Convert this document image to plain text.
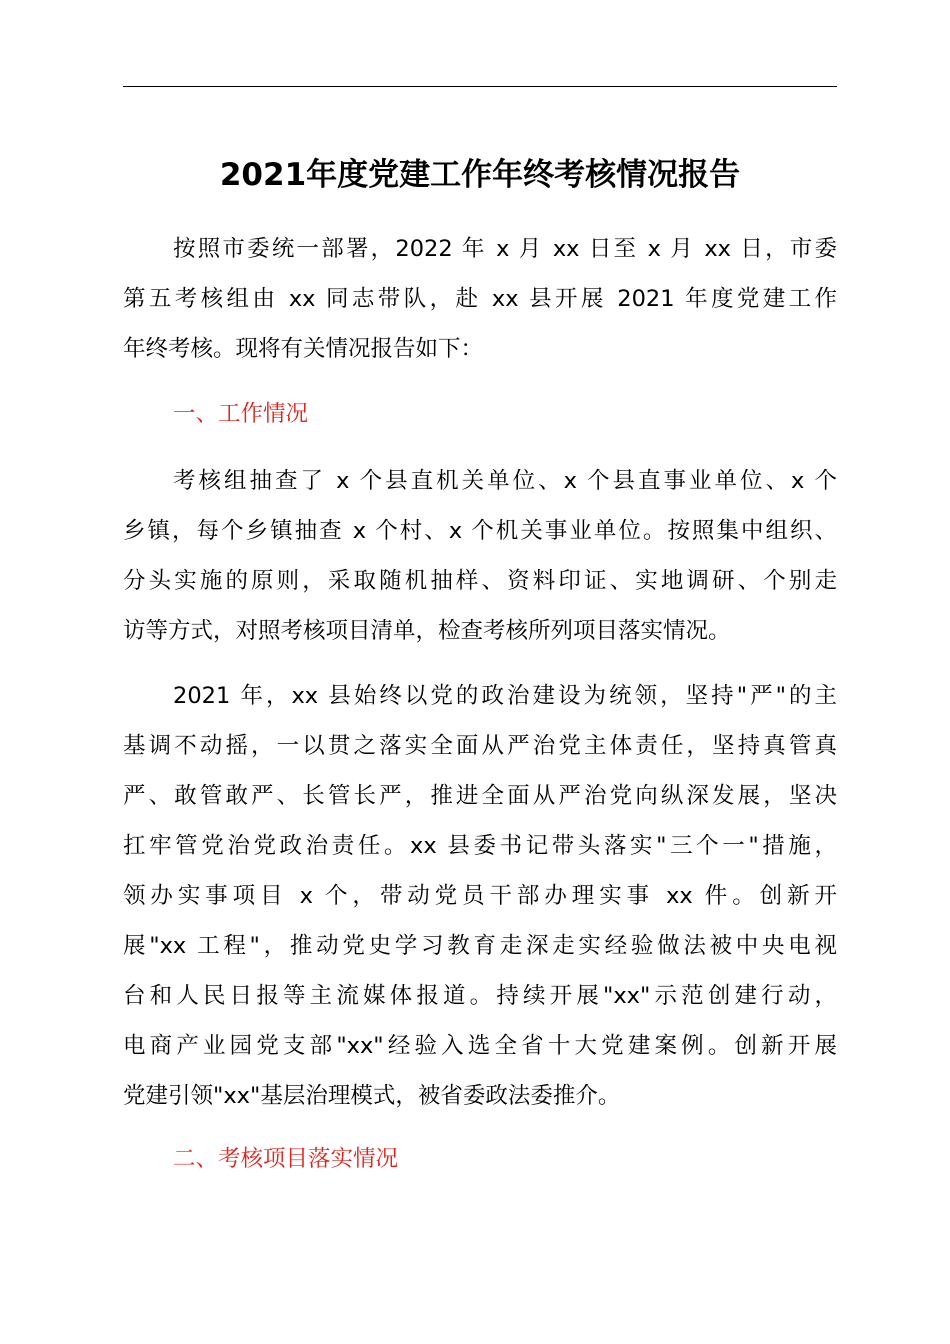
2021年度党建工作年终考核情况报告
按照市委统一部署，2022 年 x 月 xx 日至 x 月 xx 日，市委
第五考核组由 xx 同志带队，赴 xx 县开展 2021 年度党建工作
年终考核。现将有关情况报告如下：
一、工作情况
考核组抽查了 x 个县直机关单位、x 个县直事业单位、x 个
乡镇，每个乡镇抽查 x 个村、x 个机关事业单位。按照集中组织、
分头实施的原则，采取随机抽样、资料印证、实地调研、个别走
访等方式，对照考核项目清单，检查考核所列项目落实情况。
2021 年，xx 县始终以党的政治建设为统领，坚持"严"的主
基调不动摇，一以贯之落实全面从严治党主体责任，坚持真管真
严、敢管敢严、长管长严，推进全面从严治党向纵深发展，坚决
扛牢管党治党政治责任。xx 县委书记带头落实"三个一"措施，
领办实事项目 x 个，带动党员干部办理实事 xx 件。创新开
展"xx 工程"，推动党史学习教育走深走实经验做法被中央电视
台和人民日报等主流媒体报道。持续开展"xx"示范创建行动，
电商产业园党支部"xx"经验入选全省十大党建案例。创新开展
党建引领"xx"基层治理模式，被省委政法委推介。
二、考核项目落实情况
